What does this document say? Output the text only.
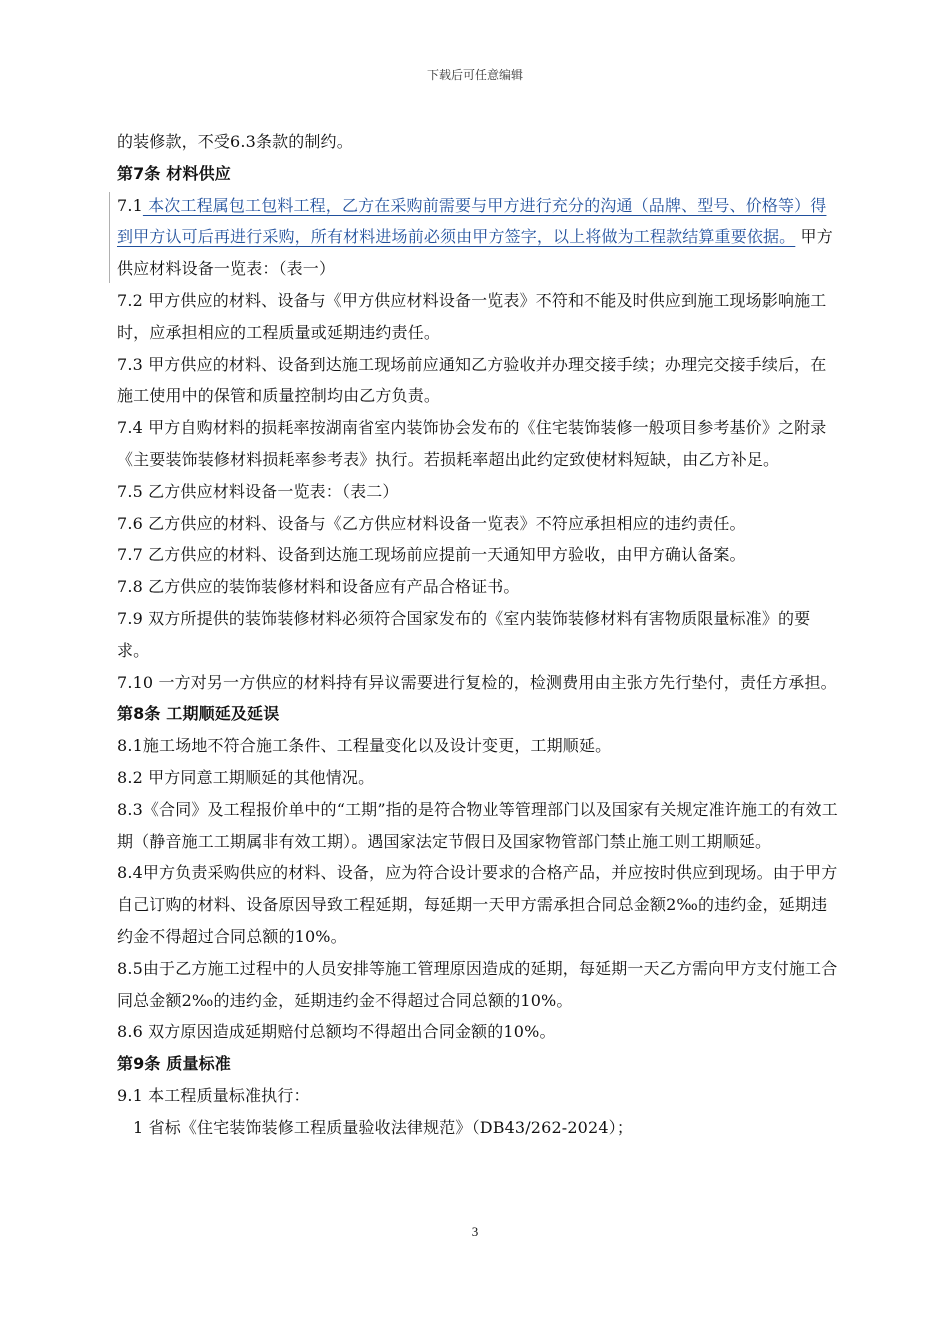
下载后可任意编辑

的装修款，不受6.3条款的制约。

第7条 材料供应

7.1 本次工程属包工包料工程，乙方在采购前需要与甲方进行充分的沟通（品牌、型号、价格等）得到甲方认可后再进行采购，所有材料进场前必须由甲方签字，以上将做为工程款结算重要依据。 甲方供应材料设备一览表：（表一）

7.2 甲方供应的材料、设备与《甲方供应材料设备一览表》不符和不能及时供应到施工现场影响施工时，应承担相应的工程质量或延期违约责任。

7.3 甲方供应的材料、设备到达施工现场前应通知乙方验收并办理交接手续；办理完交接手续后，在施工使用中的保管和质量控制均由乙方负责。

7.4 甲方自购材料的损耗率按湖南省室内装饰协会发布的《住宅装饰装修一般项目参考基价》之附录《主要装饰装修材料损耗率参考表》执行。若损耗率超出此约定致使材料短缺，由乙方补足。

7.5 乙方供应材料设备一览表：（表二）

7.6 乙方供应的材料、设备与《乙方供应材料设备一览表》不符应承担相应的违约责任。

7.7 乙方供应的材料、设备到达施工现场前应提前一天通知甲方验收，由甲方确认备案。

7.8 乙方供应的装饰装修材料和设备应有产品合格证书。

7.9 双方所提供的装饰装修材料必须符合国家发布的《室内装饰装修材料有害物质限量标准》的要求。

7.10 一方对另一方供应的材料持有异议需要进行复检的，检测费用由主张方先行垫付，责任方承担。

第8条 工期顺延及延误

8.1施工场地不符合施工条件、工程量变化以及设计变更，工期顺延。

8.2 甲方同意工期顺延的其他情况。

8.3《合同》及工程报价单中的“工期”指的是符合物业等管理部门以及国家有关规定准许施工的有效工期（静音施工工期属非有效工期）。遇国家法定节假日及国家物管部门禁止施工则工期顺延。

8.4甲方负责采购供应的材料、设备，应为符合设计要求的合格产品，并应按时供应到现场。由于甲方自己订购的材料、设备原因导致工程延期，每延期一天甲方需承担合同总金额2‰的违约金，延期违约金不得超过合同总额的10%。

8.5由于乙方施工过程中的人员安排等施工管理原因造成的延期，每延期一天乙方需向甲方支付施工合同总金额2‰的违约金，延期违约金不得超过合同总额的10%。

8.6 双方原因造成延期赔付总额均不得超出合同金额的10%。

第9条 质量标准

9.1 本工程质量标准执行：

1 省标《住宅装饰装修工程质量验收法律规范》（DB43/262-2024）；

3
